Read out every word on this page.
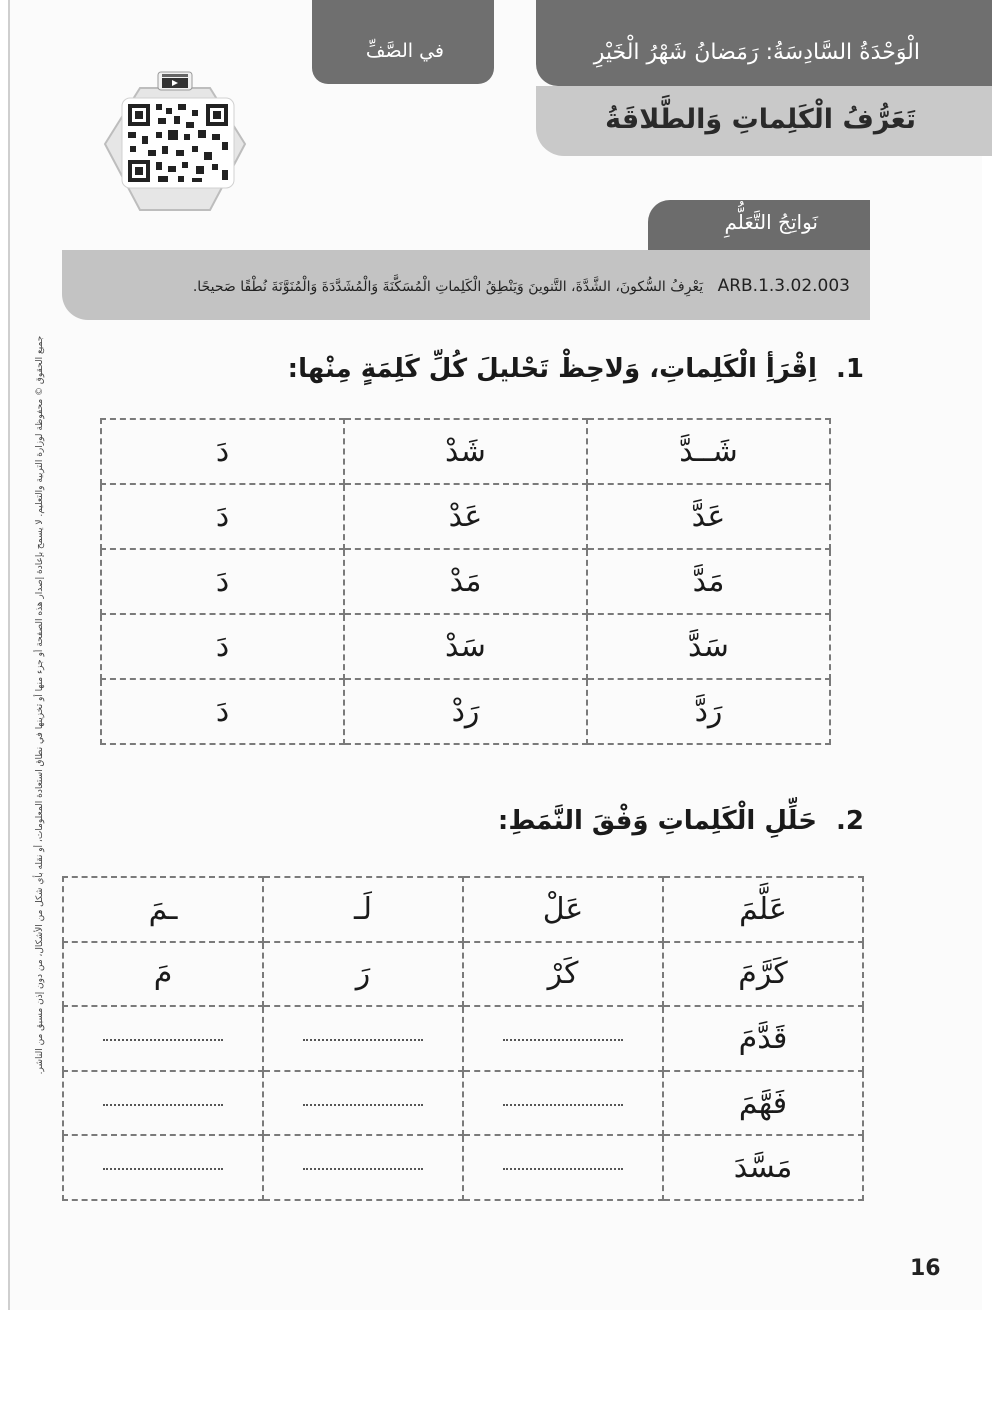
جميع الحقوق © محفوظة لوزارة التربية والتعليم. لا يسمح بإعادة إصدار هذه الصفحة أو جزء منها أو تخزينها في نطاق استعادة المعلومات، أو نقله بأي شكل من الأشكال، من دون إذن مسبق من الناشر.
الْوَحْدَةُ السَّادِسَةُ: رَمَضانُ شَهْرُ الْخَيْرِ
تَعَرُّفُ الْكَلِماتِ وَالطَّلاقَةُ
في الصَّفِّ
نَواتِجُ التَّعَلُّمِ
ARB.1.3.02.003 يَعْرِفُ السُّكونَ، الشَّدَّةَ، التَّنوينَ وَيَنْطِقُ الْكَلِماتِ الْمُسَكَّنَةَ وَالْمُشَدَّدَةَ وَالْمُنَوَّنَةَ نُطْقًا صَحيحًا.
1. اِقْرَأِ الْكَلِماتِ، وَلاحِظْ تَحْليلَ كُلِّ كَلِمَةٍ مِنْها:
دَ	شَدْ	شَــدَّ
دَ	عَدْ	عَدَّ
دَ	مَدْ	مَدَّ
دَ	سَدْ	سَدَّ
دَ	رَدْ	رَدَّ
2. حَلِّلِ الْكَلِماتِ وَفْقَ النَّمَطِ:
ـمَ	لَـ	عَلْ	عَلَّمَ
مَ	رَ	كَرْ	كَرَّمَ
			قَدَّمَ
			فَهَّمَ
			مَسَّدَ
16
